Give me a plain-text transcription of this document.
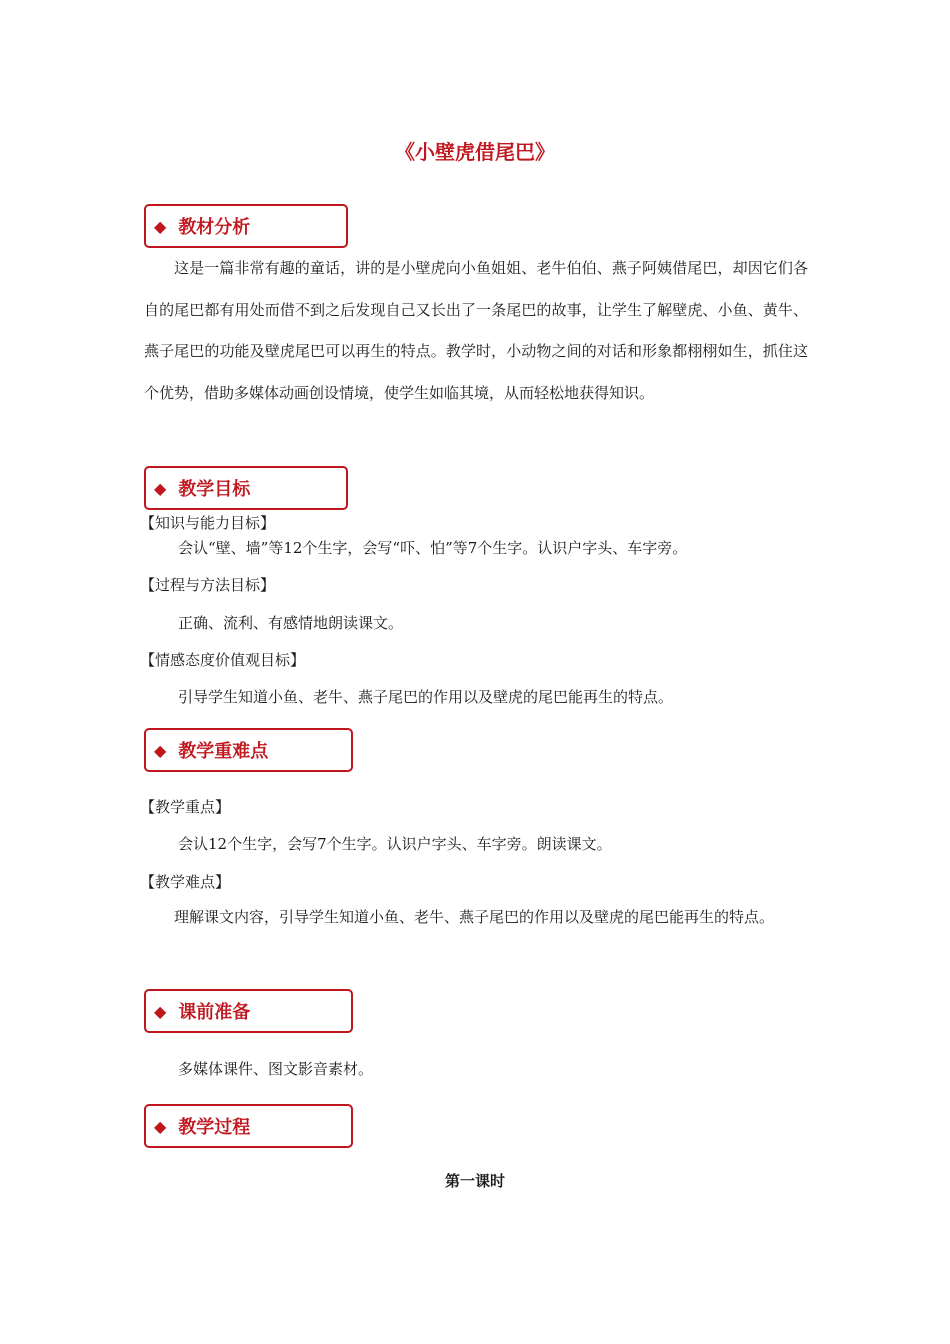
《小壁虎借尾巴》
◆ 教材分析
这是一篇非常有趣的童话，讲的是小壁虎向小鱼姐姐、老牛伯伯、燕子阿姨借尾巴，却因它们各自的尾巴都有用处而借不到之后发现自己又长出了一条尾巴的故事，让学生了解壁虎、小鱼、黄牛、燕子尾巴的功能及壁虎尾巴可以再生的特点。教学时，小动物之间的对话和形象都栩栩如生，抓住这个优势，借助多媒体动画创设情境，使学生如临其境，从而轻松地获得知识。
◆ 教学目标
【知识与能力目标】
会认“壁、墙”等12个生字，会写“吓、怕”等7个生字。认识户字头、车字旁。
【过程与方法目标】
正确、流利、有感情地朗读课文。
【情感态度价值观目标】
引导学生知道小鱼、老牛、燕子尾巴的作用以及壁虎的尾巴能再生的特点。
◆ 教学重难点
【教学重点】
会认12个生字，会写7个生字。认识户字头、车字旁。朗读课文。
【教学难点】
理解课文内容，引导学生知道小鱼、老牛、燕子尾巴的作用以及壁虎的尾巴能再生的特点。
◆ 课前准备
多媒体课件、图文影音素材。
◆ 教学过程
第一课时
